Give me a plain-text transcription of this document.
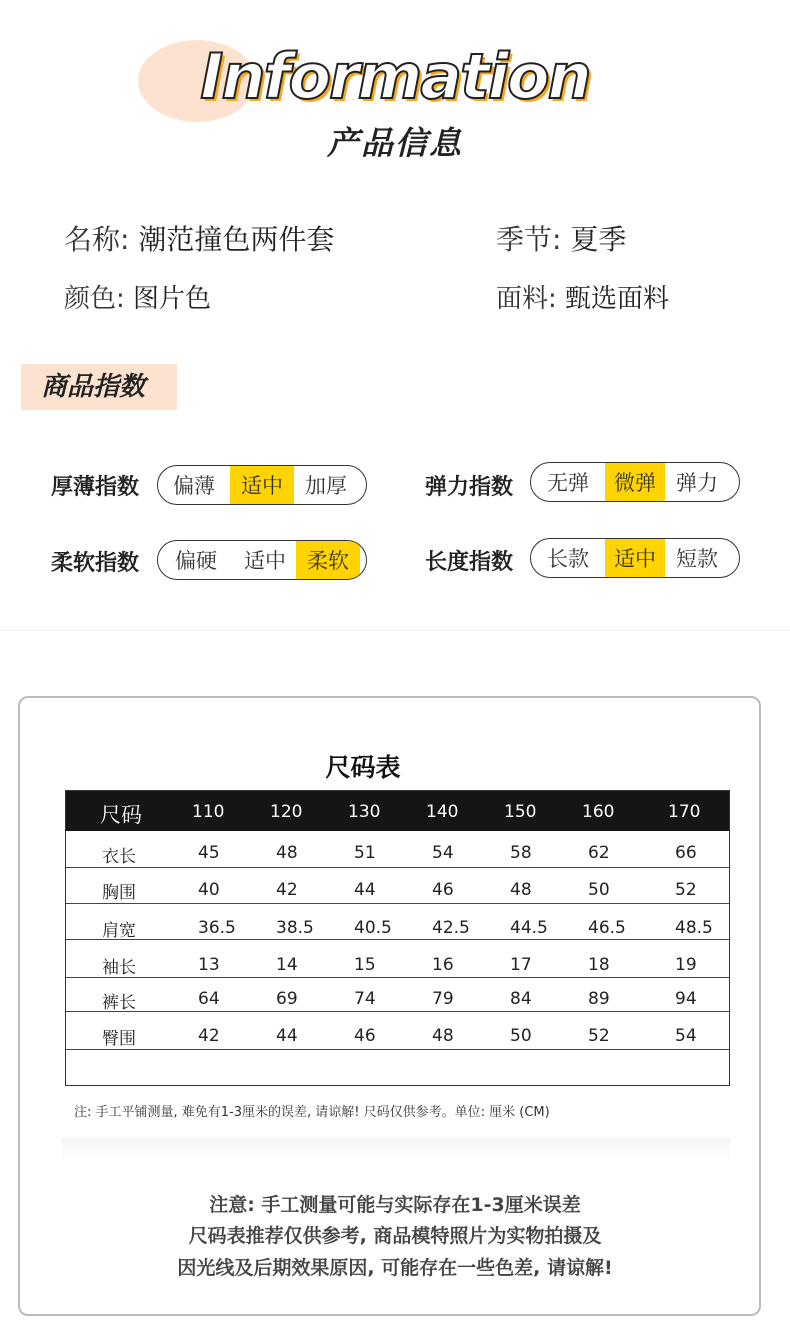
Information
产品信息
名称: 潮范撞色两件套	季节: 夏季
颜色: 图片色	面料: 甄选面料
商品指数
厚薄指数	偏薄	适中	加厚	弹力指数	无弹	微弹 弹力
柔软指数	偏硬	适中	柔软	长度指数	长款	适中 短款
尺码表
尺码	110	120	130	140	150	160	170
衣长	45	48	51	54	58	62	66
胸围	40	42	44	46	48	50	52
肩宽	36.5 38.5 40.5 42.5 44.5 46.5	48.5
袖长	13	14	15	16	17	18	19
裤长	64	69	74	79	84	89	94
臀围	42	44	46	48	50	52	54
注: 手工平铺测量, 难免有1-3厘米的误差, 请谅解! 尺码仅供参考。单位: 厘米 (CM)
注意: 手工测量可能与实际存在1-3厘米误差
尺码表推荐仅供参考, 商品模特照片为实物拍摄及
因光线及后期效果原因, 可能存在一些色差, 请谅解!
